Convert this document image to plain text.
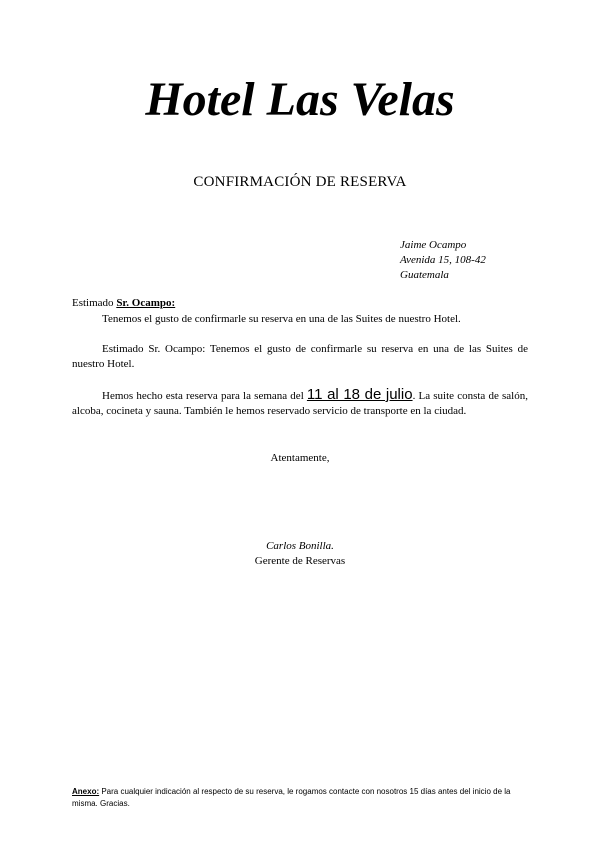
Hotel Las Velas
CONFIRMACIÓN DE RESERVA
Jaime Ocampo
Avenida 15, 108-42
Guatemala
Estimado Sr. Ocampo:
Tenemos el gusto de confirmarle su reserva en una de las Suites de nuestro Hotel.
Estimado Sr. Ocampo: Tenemos el gusto de confirmarle su reserva en una de las Suites de nuestro Hotel.
Hemos hecho esta reserva para la semana del 11 al 18 de julio. La suite consta de salón, alcoba, cocineta y sauna. También le hemos reservado servicio de transporte en la ciudad.
Atentamente,
Carlos Bonilla.
Gerente de Reservas
Anexo: Para cualquier indicación al respecto de su reserva, le rogamos contacte con nosotros 15 días antes del inicio de la misma. Gracias.
